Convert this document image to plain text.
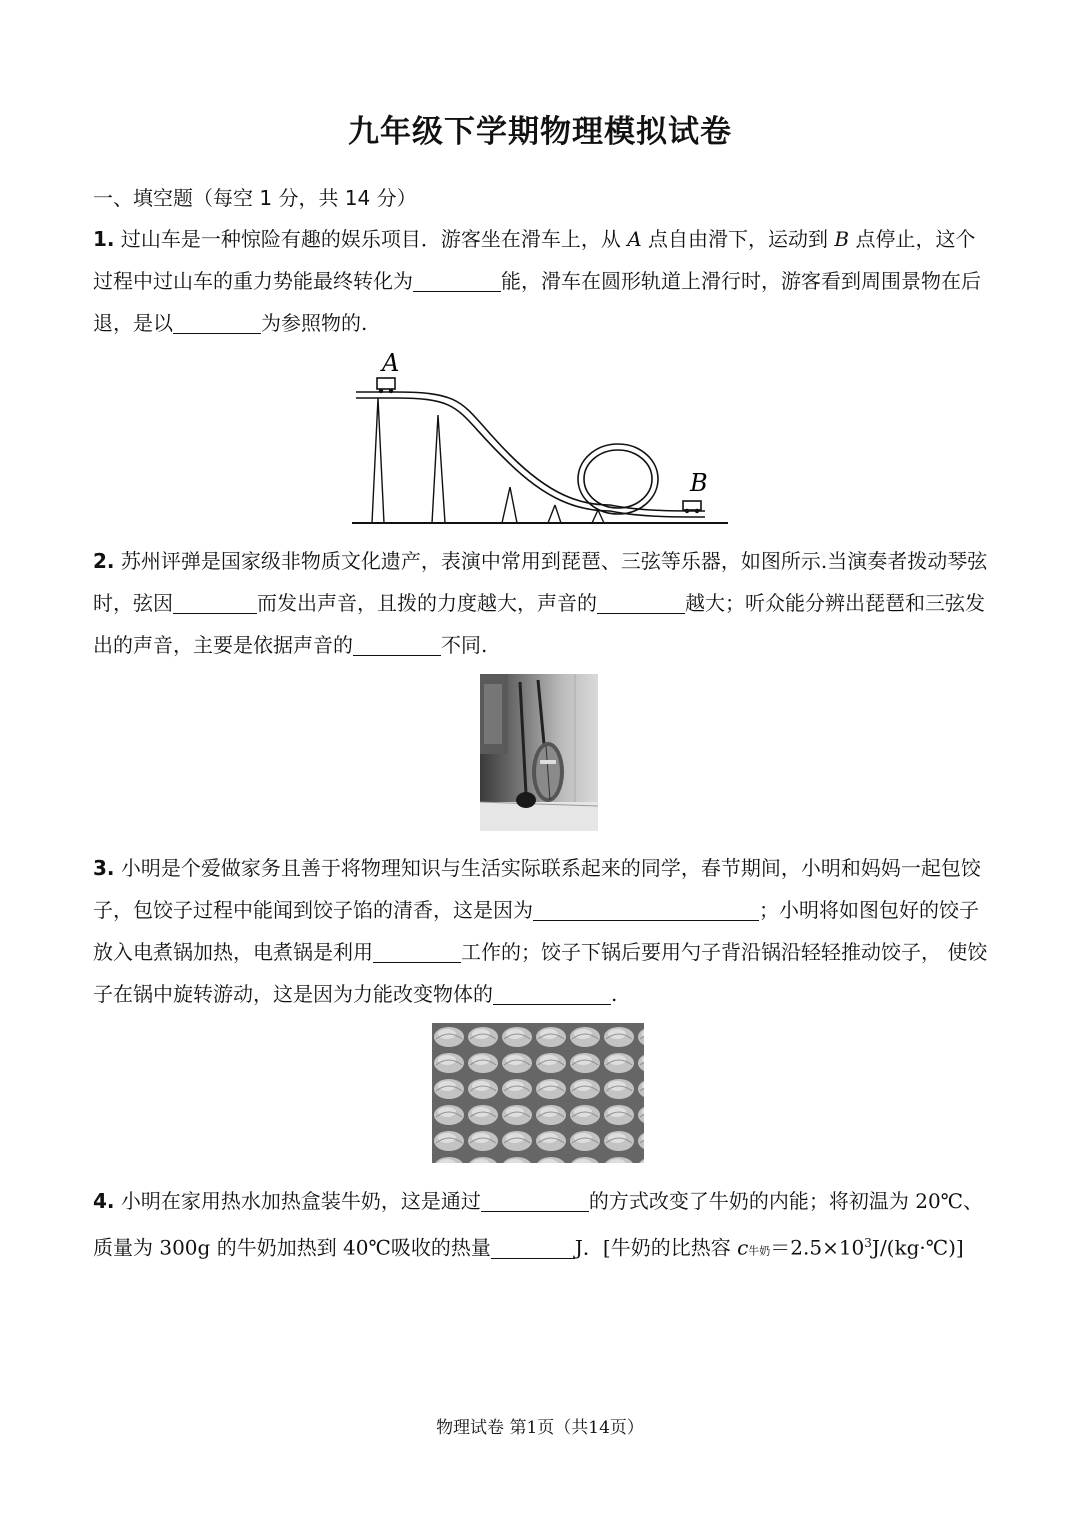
九年级下学期物理模拟试卷
一、填空题（每空 1 分，共 14 分）
1. 过山车是一种惊险有趣的娱乐项目．游客坐在滑车上，从 A 点自由滑下，运动到 B 点停止，这个过程中过山车的重力势能最终转化为	能，滑车在圆形轨道上滑行时，游客看到周围景物在后退，是以	为参照物的.
A
B
2. 苏州评弹是国家级非物质文化遗产，表演中常用到琵琶、三弦等乐器，如图所示.当演奏者拨动琴弦时，弦因	而发出声音，且拨的力度越大，声音的	越大；听众能分辨出琵琶和三弦发出的声音，主要是依据声音的	不同.
3. 小明是个爱做家务且善于将物理知识与生活实际联系起来的同学，春节期间，小明和妈妈一起包饺子，包饺子过程中能闻到饺子馅的清香，这是因为	；小明将如图包好的饺子放入电煮锅加热，电煮锅是利用	工作的；饺子下锅后要用勺子背沿锅沿轻轻推动饺子， 使饺子在锅中旋转游动，这是因为力能改变物体的	.
4. 小明在家用热水加热盒装牛奶，这是通过	的方式改变了牛奶的内能；将初温为 20℃、质量为 300g 的牛奶加热到 40℃吸收的热量	J．[牛奶的比热容 c牛奶$=2.5\times 10^3J/(kg\cdot℃)$]
物理试卷 第1页（共14页）
